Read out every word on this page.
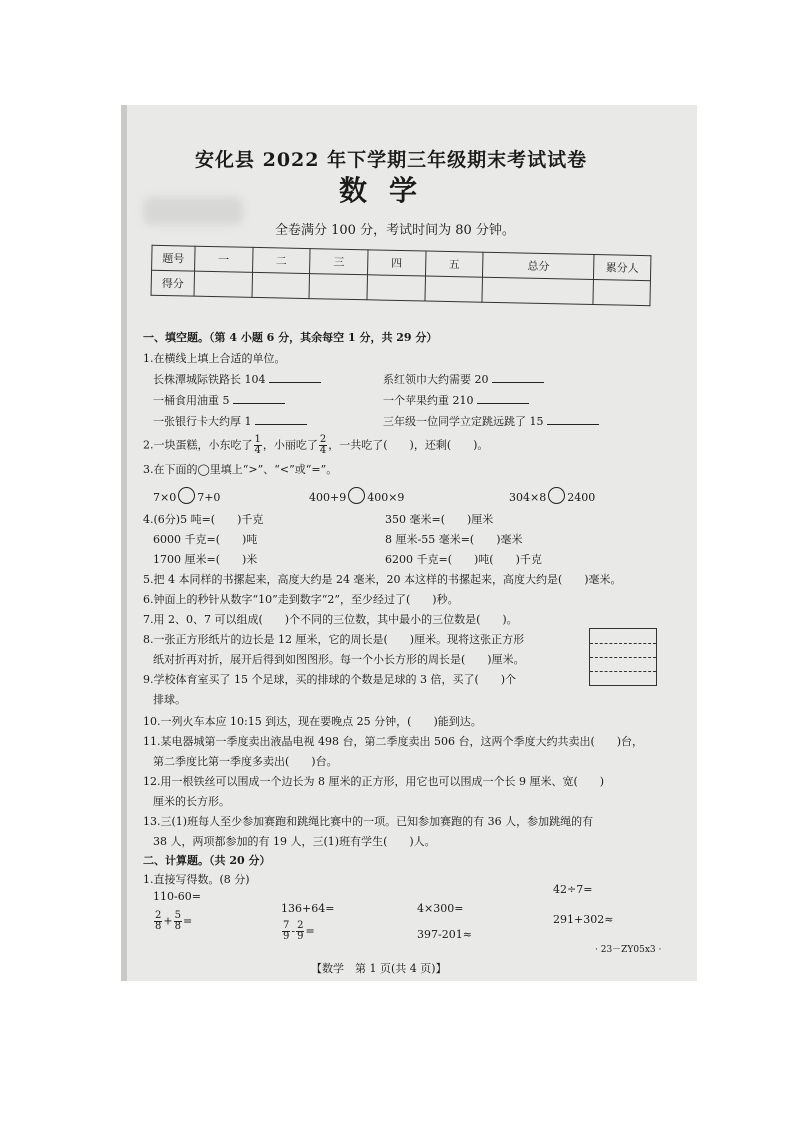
安化县 2022 年下学期三年级期末考试试卷
数学
全卷满分 100 分，考试时间为 80 分钟。
题号	一	二	三	四	五	总分	累分人
得分							
一、填空题。（第 4 小题 6 分，其余每空 1 分，共 29 分）
1.在横线上填上合适的单位。
长株潭城际铁路长 104	系红领巾大约需要 20
一桶食用油重 5	一个苹果约重 210
一张银行卡大约厚 1	三年级一位同学立定跳远跳了 15
2.一块蛋糕，小东吃了 $\frac{1}{4}$ ，小丽吃了 $\frac{2}{4}$ ，一共吃了(　　)，还剩(　　)。
3.在下面的◯里填上“>”、“<”或“=”。
7×0 7+0	400+9 400×9	304×8 2400
4.(6分)5 吨=(　　)千克	350 毫米=(　　)厘米
6000 千克=(　　)吨	8 厘米-55 毫米=(　　)毫米
1700 厘米=(　　)米	6200 千克=(　　)吨(　　)千克
5.把 4 本同样的书摞起来，高度大约是 24 毫米，20 本这样的书摞起来，高度大约是(　　)毫米。
6.钟面上的秒针从数字“10”走到数字“2”，至少经过了(　　)秒。
7.用 2、0、7 可以组成(　　)个不同的三位数，其中最小的三位数是(　　)。
8.一张正方形纸片的边长是 12 厘米，它的周长是(　　)厘米。现将这张正方形
纸对折再对折，展开后得到如图图形。每一个小长方形的周长是(　　)厘米。
9.学校体育室买了 15 个足球，买的排球的个数是足球的 3 倍，买了(　　)个
排球。
10.一列火车本应 10:15 到达，现在要晚点 25 分钟，(　　)能到达。
11.某电器城第一季度卖出液晶电视 498 台，第二季度卖出 506 台，这两个季度大约共卖出(　　)台，
第二季度比第一季度多卖出(　　)台。
12.用一根铁丝可以围成一个边长为 8 厘米的正方形，用它也可以围成一个长 9 厘米、宽(　　)
厘米的长方形。
13.三(1)班每人至少参加赛跑和跳绳比赛中的一项。已知参加赛跑的有 36 人，参加跳绳的有
38 人，两项都参加的有 19 人，三(1)班有学生(　　)人。
二、计算题。（共 20 分）
1.直接写得数。(8 分)
110-60=
136+64=	4×300=
42÷7=
$\frac{2}{8} + \frac{5}{8}$ =	$\frac{7}{9} - \frac{2}{9}$ =	397-201≈
291+302≈
· 23－ZY05x3 ·
【数学　第 1 页(共 4 页)】
